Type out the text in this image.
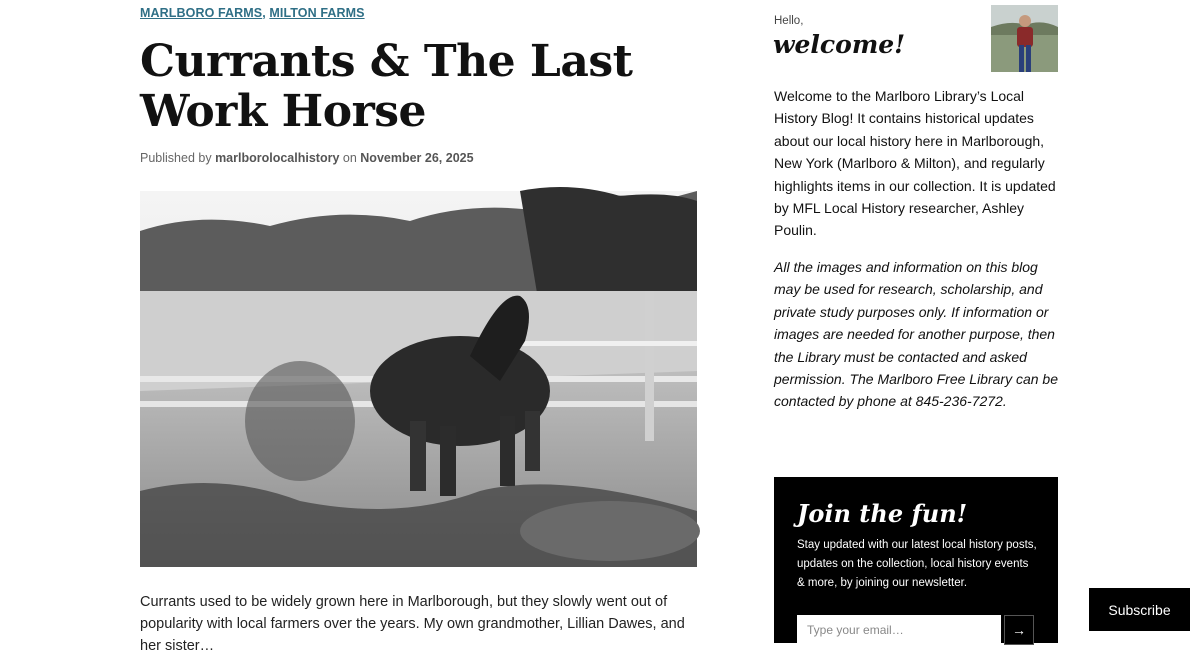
MARLBORO FARMS, MILTON FARMS
Currants & The Last Work Horse
Published by marlborolocalhistory on November 26, 2025

Currants used to be widely grown here in Marlborough, but they slowly went out of popularity with local farmers over the years. My own grandmother, Lillian Dawes, and her sister…

Hello,
welcome!

Welcome to the Marlboro Library’s Local History Blog! It contains historical updates about our local history here in Marlborough, New York (Marlboro & Milton), and regularly highlights items in our collection. It is updated by MFL Local History researcher, Ashley Poulin.

All the images and information on this blog may be used for research, scholarship, and private study purposes only. If information or images are needed for another purpose, then the Library must be contacted and asked permission. The Marlboro Free Library can be contacted by phone at 845-236-7272.

Join the fun!

Stay updated with our latest local history posts, updates on the collection, local history events & more, by joining our newsletter.

Type your email…
→
Subscribe
